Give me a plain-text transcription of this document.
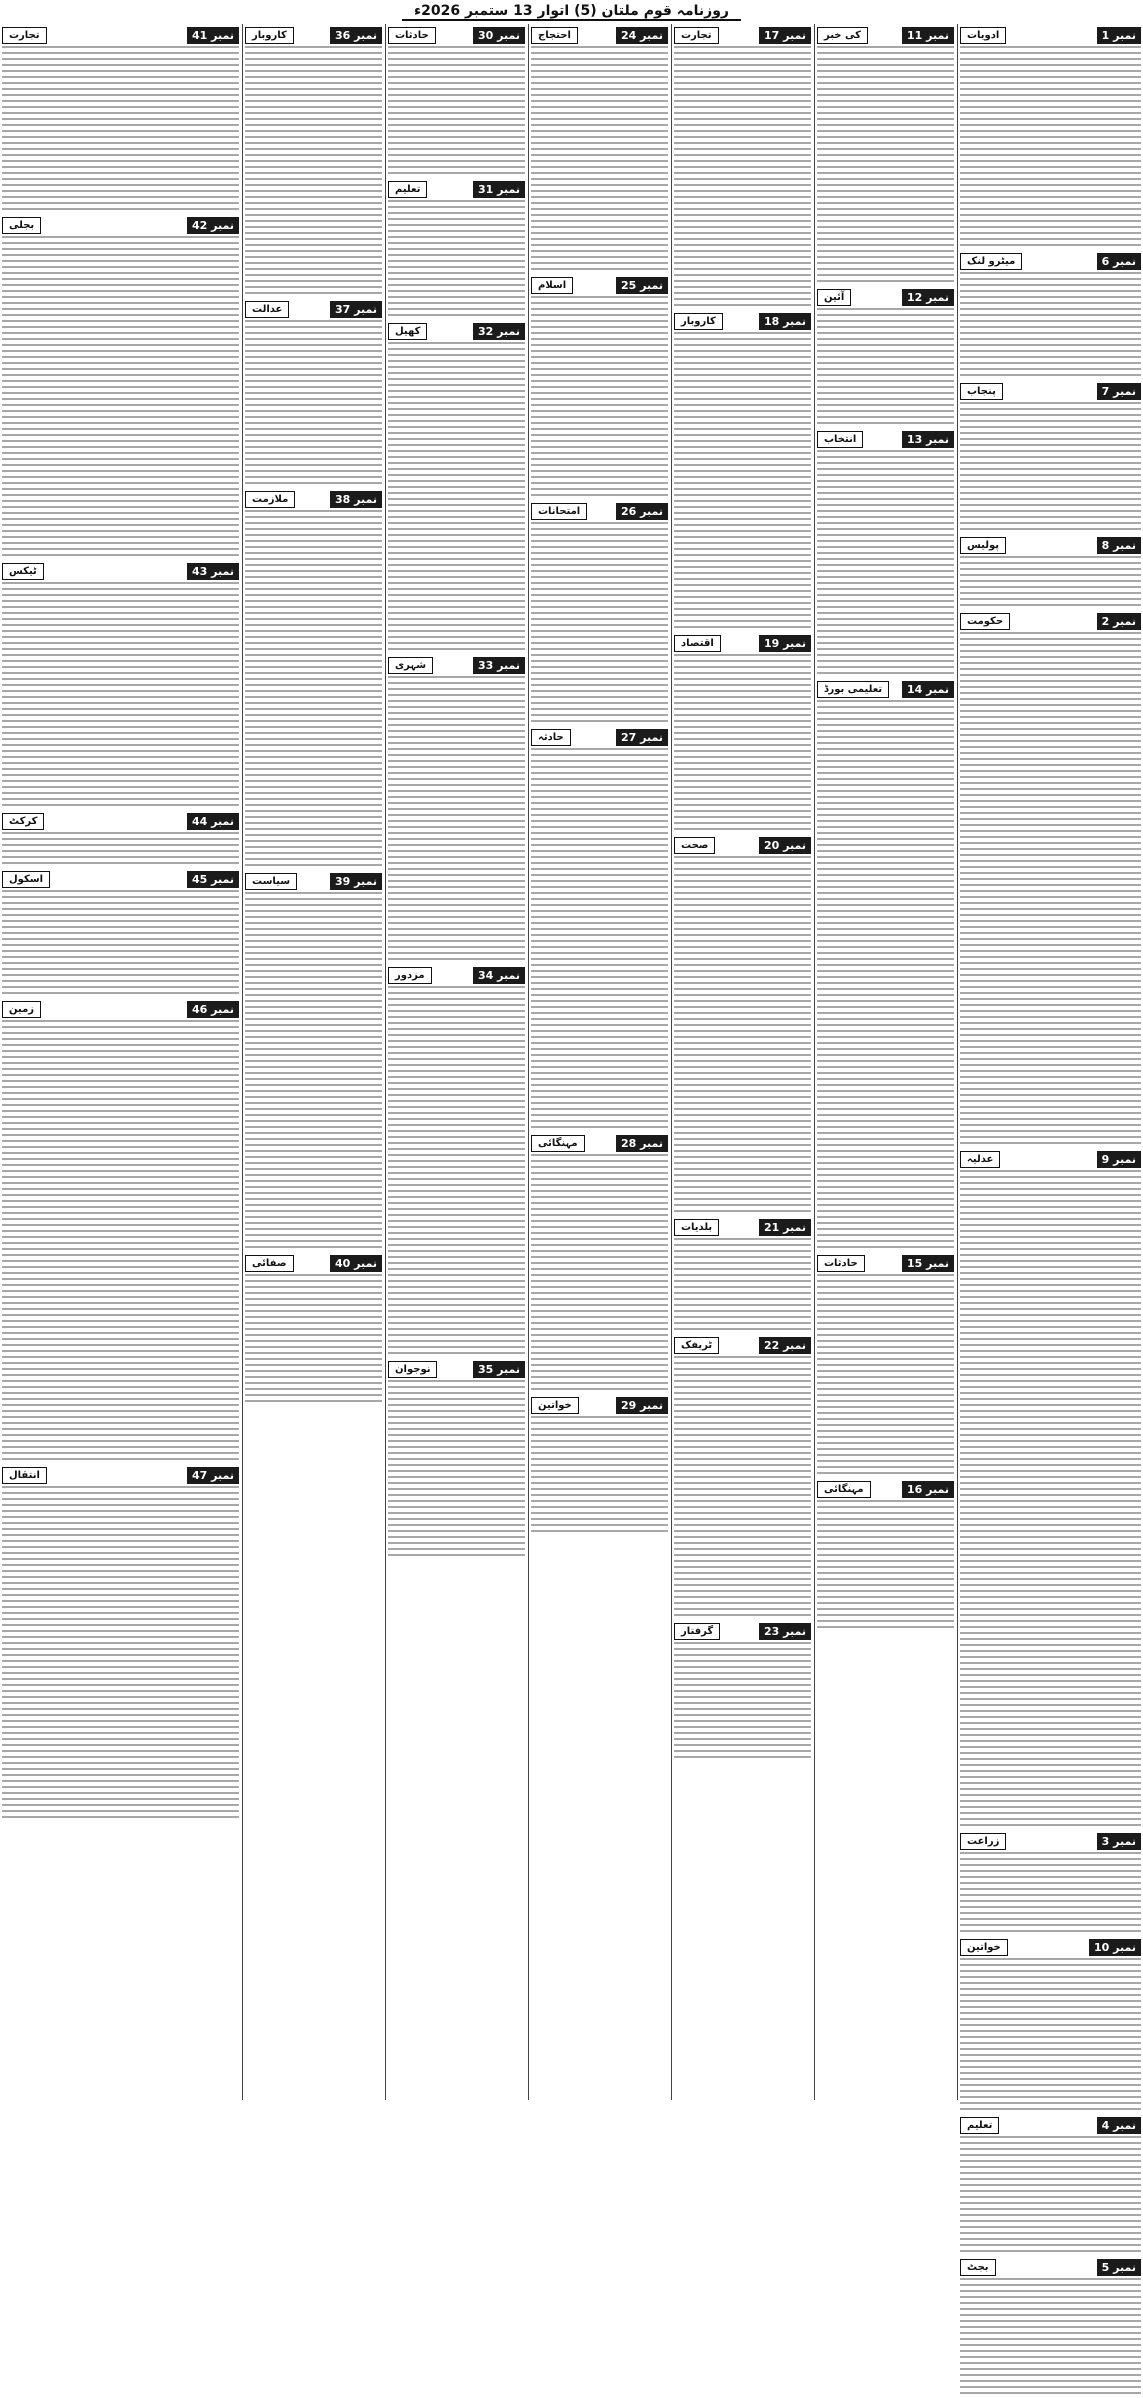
روزنامہ قوم ملتان (5) اتوار 13 ستمبر 2026ء
ادویات	نمبر 1
میٹرو لنک	نمبر 6
پنجاب	نمبر 7
پولیس	نمبر 8
حکومت	نمبر 2
عدلیہ	نمبر 9
زراعت	نمبر 3
خواتین	نمبر 10
تعلیم	نمبر 4
بجٹ	نمبر 5
کی خبر	نمبر 11
آئین	نمبر 12
انتخاب	نمبر 13
تعلیمی بورڈ	نمبر 14
حادثات	نمبر 15
مہنگائی	نمبر 16
تجارت	نمبر 17
کاروبار	نمبر 18
اقتصاد	نمبر 19
صحت	نمبر 20
بلدیات	نمبر 21
ٹریفک	نمبر 22
گرفتار	نمبر 23
احتجاج	نمبر 24
اسلام	نمبر 25
امتحانات	نمبر 26
حادثہ	نمبر 27
مہنگائی	نمبر 28
خواتین	نمبر 29
حادثات	نمبر 30
تعلیم	نمبر 31
کھیل	نمبر 32
شہری	نمبر 33
مزدور	نمبر 34
نوجوان	نمبر 35
کاروبار	نمبر 36
عدالت	نمبر 37
ملازمت	نمبر 38
سیاست	نمبر 39
صفائی	نمبر 40
تجارت	نمبر 41
بجلی	نمبر 42
ٹیکس	نمبر 43
کرکٹ	نمبر 44
اسکول	نمبر 45
زمین	نمبر 46
انتقال	نمبر 47
